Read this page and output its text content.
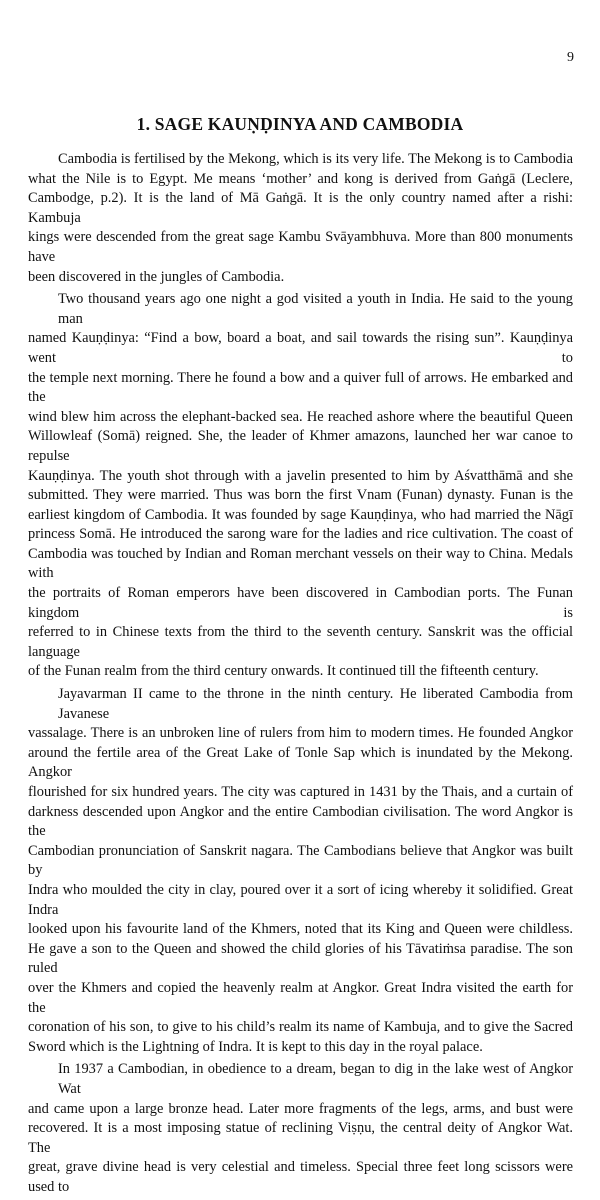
9
1. SAGE KAUṆḌINYA AND CAMBODIA
Cambodia is fertilised by the Mekong, which is its very life. The Mekong is to Cambodia
what the Nile is to Egypt. Me means ‘mother’ and kong is derived from Gaṅgā (Leclere,
Cambodge, p.2). It is the land of Mā Gaṅgā. It is the only country named after a rishi: Kambuja
kings were descended from the great sage Kambu Svāyambhuva. More than 800 monuments have
been discovered in the jungles of Cambodia.
Two thousand years ago one night a god visited a youth in India. He said to the young man
named Kauṇḍinya: “Find a bow, board a boat, and sail towards the rising sun”. Kauṇḍinya went to
the temple next morning. There he found a bow and a quiver full of arrows. He embarked and the
wind blew him across the elephant-backed sea. He reached ashore where the beautiful Queen
Willowleaf (Somā) reigned. She, the leader of Khmer amazons, launched her war canoe to repulse
Kauṇḍinya. The youth shot through with a javelin presented to him by Aśvatthāmā and she
submitted. They were married. Thus was born the first Vnam (Funan) dynasty. Funan is the
earliest kingdom of Cambodia. It was founded by sage Kauṇḍinya, who had married the Nāgī
princess Somā. He introduced the sarong ware for the ladies and rice cultivation. The coast of
Cambodia was touched by Indian and Roman merchant vessels on their way to China. Medals with
the portraits of Roman emperors have been discovered in Cambodian ports. The Funan kingdom is
referred to in Chinese texts from the third to the seventh century. Sanskrit was the official language
of the Funan realm from the third century onwards. It continued till the fifteenth century.
Jayavarman II came to the throne in the ninth century. He liberated Cambodia from Javanese
vassalage. There is an unbroken line of rulers from him to modern times. He founded Angkor
around the fertile area of the Great Lake of Tonle Sap which is inundated by the Mekong. Angkor
flourished for six hundred years. The city was captured in 1431 by the Thais, and a curtain of
darkness descended upon Angkor and the entire Cambodian civilisation. The word Angkor is the
Cambodian pronunciation of Sanskrit nagara. The Cambodians believe that Angkor was built by
Indra who moulded the city in clay, poured over it a sort of icing whereby it solidified. Great Indra
looked upon his favourite land of the Khmers, noted that its King and Queen were childless.
He gave a son to the Queen and showed the child glories of his Tāvatiṁsa paradise. The son ruled
over the Khmers and copied the heavenly realm at Angkor. Great Indra visited the earth for the
coronation of his son, to give to his child’s realm its name of Kambuja, and to give the Sacred
Sword which is the Lightning of Indra. It is kept to this day in the royal palace.
In 1937 a Cambodian, in obedience to a dream, began to dig in the lake west of Angkor Wat
and came upon a large bronze head. Later more fragments of the legs, arms, and bust were
recovered. It is a most imposing statue of reclining Viṣṇu, the central deity of Angkor Wat. The
great, grave divine head is very celestial and timeless. Special three feet long scissors were used to
